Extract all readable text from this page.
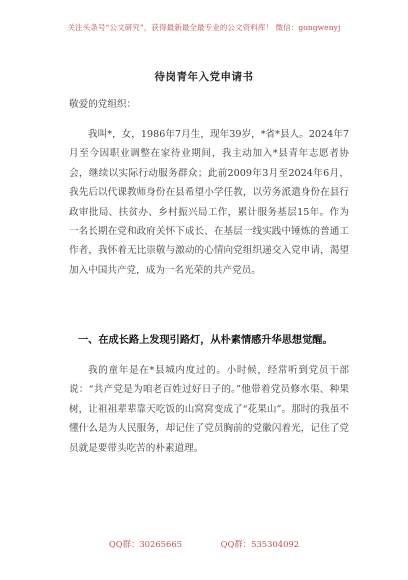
关注头条号“公文研究”，获得最新最全最专业的公文资料库！ 微信：gongwenyj
待岗青年入党申请书
敬爱的党组织：
我叫*，女，1986年7月生，现年39岁，*省*县人。2024年7月至今因职业调整在家待业期间，我主动加入*县青年志愿者协会，继续以实际行动服务群众；此前2009年3月至2024年6月，我先后以代课教师身份在县希望小学任教，以劳务派遣身份在县行政审批局、扶贫办、乡村振兴局工作，累计服务基层15年。作为一名长期在党和政府关怀下成长、在基层一线实践中锤炼的普通工作者，我怀着无比崇敬与激动的心情向党组织递交入党申请，渴望加入中国共产党，成为一名光荣的共产党员。
一、在成长路上发现引路灯，从朴素情感升华思想觉醒。
我的童年是在*县城内度过的。小时候，经常听到党员干部说：“共产党是为咱老百姓过好日子的。”他带着党员修水渠、种果树，让祖祖辈辈靠天吃饭的山窝窝变成了“花果山”。那时的我虽不懂什么是为人民服务，却记住了党员胸前的党徽闪着光，记住了党员就是要带头吃苦的朴素道理。
QQ群：30265665	QQ群：535304092
